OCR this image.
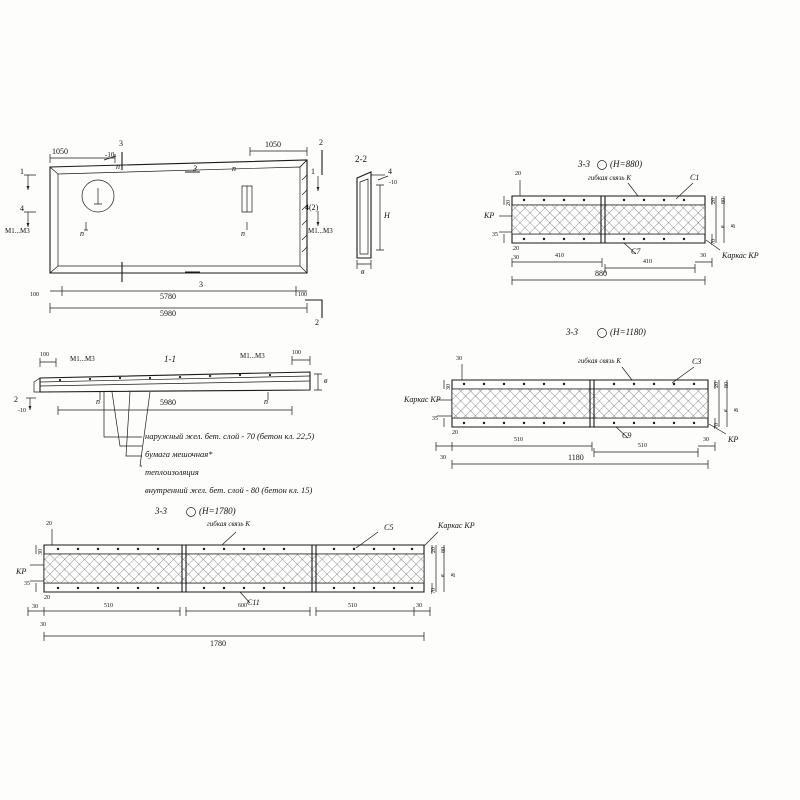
1050
1050
3
3
2
2
1
4
1
4(2)
-10
п	п
3
М1...М3	М1...М3
п	п
5780
5980
100	100
2-2
4
-10
Н
в
1-1
М1...М3	М1...М3
100	100
5980
в
2
-10
п	п
наружный жел. бет. слой - 70 (бетон кл. 22,5)
бумага мешочная*
теплоизоляция
внутренний жел. бет. слой - 80 (бетон кл. 15)
3-3 (Н=880)
гибкая связь К	С1
С7
КР
Каркас КР
20
20
35
20
30	410
410
880
30
20
70
80
в В
3-3	(Н=1180)
гибкая связь К	С3
С9
Каркас КР
КР
30
30
35
20
30
510
510
1180
30
20
70
80
в В
3-3	(Н=1780)
гибкая связь К	С5	Каркас КР
С11
КР
20
30
35
20
30
30
510	600	510	30
1780
20
70
80
в В
